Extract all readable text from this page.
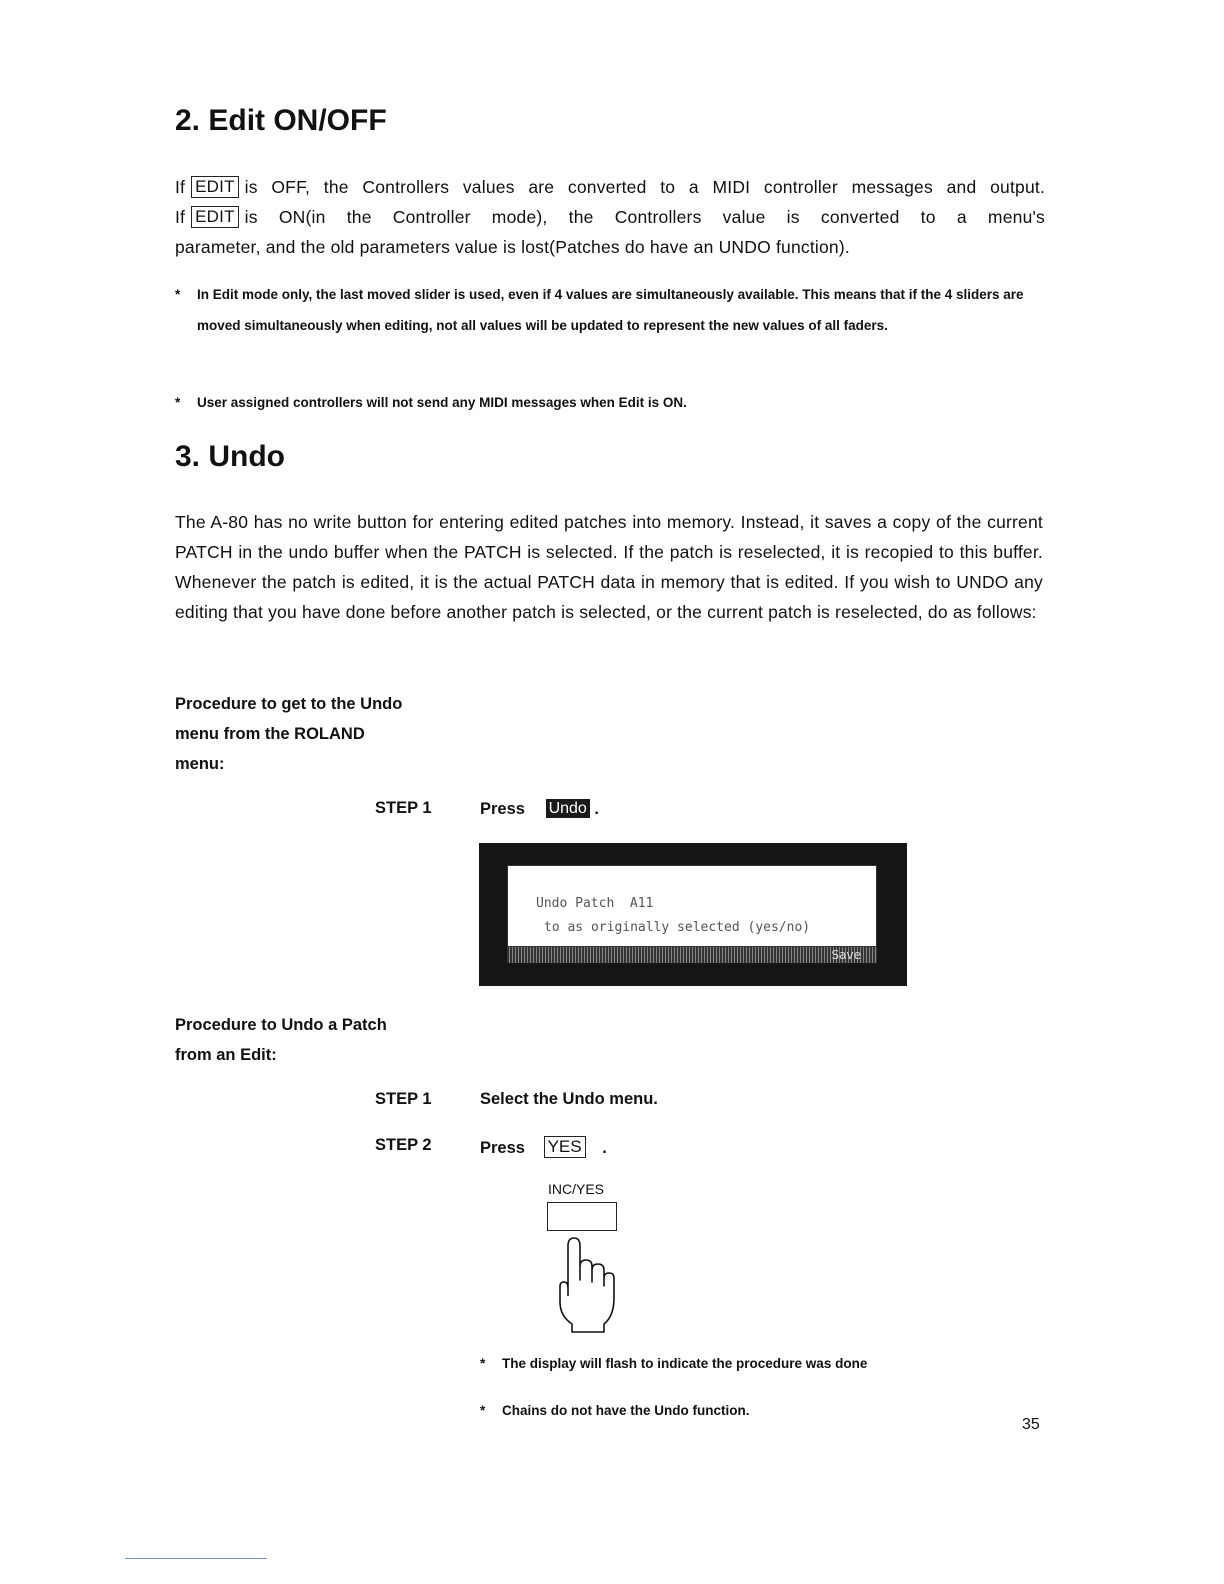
2. Edit ON/OFF
If EDIT is OFF, the Controllers values are converted to a MIDI controller messages and output.
If EDIT is ON(in the Controller mode), the Controllers value is converted to a menu's
parameter, and the old parameters value is lost(Patches do have an UNDO function).
*	In Edit mode only, the last moved slider is used, even if 4 values are simultaneously available. This means that if the 4 sliders are moved simultaneously when editing, not all values will be updated to represent the new values of all faders.
* User assigned controllers will not send any MIDI messages when Edit is ON.
3. Undo

The A-80 has no write button for entering edited patches into memory. Instead, it saves a copy of the current PATCH in the undo buffer when the PATCH is selected. If the patch is reselected, it is recopied to this buffer. Whenever the patch is edited, it is the actual PATCH data in memory that is edited. If you wish to UNDO any editing that you have done before another patch is selected, or the current patch is reselected, do as follows:

Procedure to get to the Undo
menu from the ROLAND
menu:
STEP 1	Press Undo .
Undo Patch  A11
to as originally selected (yes/no)
Save
Procedure to Undo a Patch
from an Edit:
STEP 1	Select the Undo menu.
STEP 2	Press YES .
INC/YES
* The display will flash to indicate the procedure was done
* Chains do not have the Undo function.
35
